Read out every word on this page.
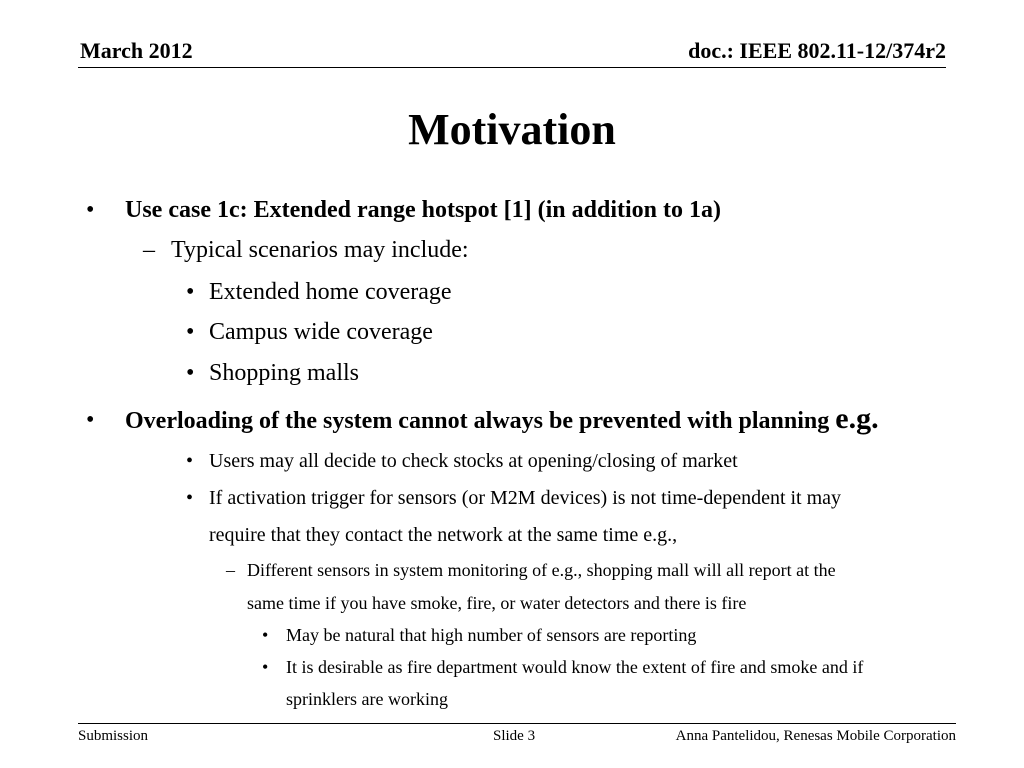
March 2012	doc.: IEEE 802.11-12/374r2
Motivation
• Use case 1c: Extended range hotspot [1] (in addition to 1a)
– Typical scenarios may include:
• Extended home coverage
• Campus wide coverage
• Shopping malls
• Overloading of the system cannot always be prevented with planning e.g.
• Users may all decide to check stocks at opening/closing of market
• If activation trigger for sensors (or M2M devices) is not time-dependent it may
require that they contact the network at the same time e.g.,
– Different sensors in system monitoring of e.g., shopping mall will all report at the
same time if you have smoke, fire, or water detectors and there is fire
• May be natural that high number of sensors are reporting
• It is desirable as fire department would know the extent of fire and smoke and if
sprinklers are working
Submission	Slide 3	Anna Pantelidou, Renesas Mobile Corporation
